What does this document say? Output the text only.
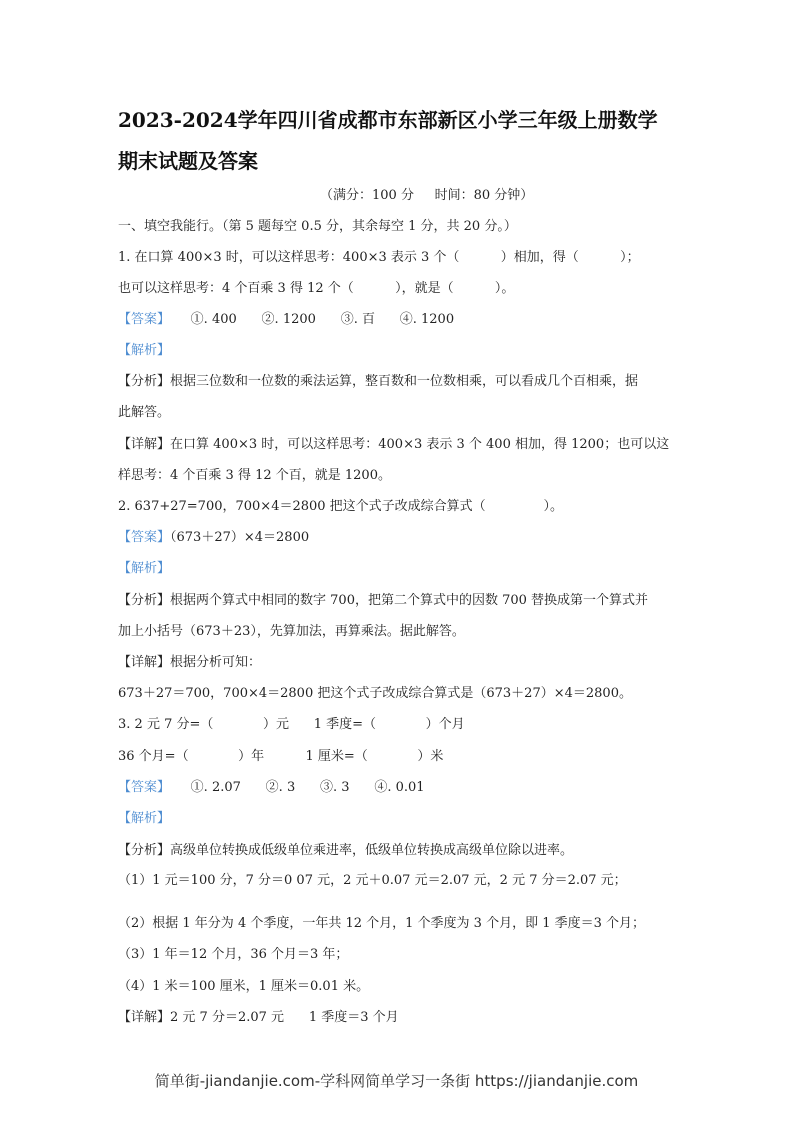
2023-2024学年四川省成都市东部新区小学三年级上册数学
期末试题及答案
（满分：100 分     时间：80 分钟）
一、填空我能行。（第 5 题每空 0.5 分，其余每空 1 分，共 20 分。）
1. 在口算 400×3 时，可以这样思考：400×3 表示 3 个（          ）相加，得（          ）；
也可以这样思考：4 个百乘 3 得 12 个（          ），就是（          ）。
【答案】     ①. 400      ②. 1200      ③. 百      ④. 1200
【解析】
【分析】根据三位数和一位数的乘法运算，整百数和一位数相乘，可以看成几个百相乘，据
此解答。
【详解】在口算 400×3 时，可以这样思考：400×3 表示 3 个 400 相加，得 1200；也可以这
样思考：4 个百乘 3 得 12 个百，就是 1200。
2. 637+27=700，700×4＝2800 把这个式子改成综合算式（              ）。
【答案】（673＋27）×4＝2800
【解析】
【分析】根据两个算式中相同的数字 700，把第二个算式中的因数 700 替换成第一个算式并
加上小括号（673＋23），先算加法，再算乘法。据此解答。
【详解】根据分析可知：
673＋27＝700，700×4＝2800 把这个式子改成综合算式是（673＋27）×4＝2800。
3. 2 元 7 分=（            ）元      1 季度=（            ）个月
36 个月=（            ）年          1 厘米=（            ）米
【答案】     ①. 2.07      ②. 3      ③. 3      ④. 0.01
【解析】
【分析】高级单位转换成低级单位乘进率，低级单位转换成高级单位除以进率。
（1）1 元＝100 分，7 分＝0 07 元，2 元＋0.07 元＝2.07 元，2 元 7 分＝2.07 元；
（2）根据 1 年分为 4 个季度，一年共 12 个月，1 个季度为 3 个月，即 1 季度＝3 个月；
（3）1 年＝12 个月，36 个月＝3 年；
（4）1 米＝100 厘米，1 厘米＝0.01 米。
【详解】2 元 7 分＝2.07 元      1 季度＝3 个月
简单街-jiandanjie.com-学科网简单学习一条街 https://jiandanjie.com
